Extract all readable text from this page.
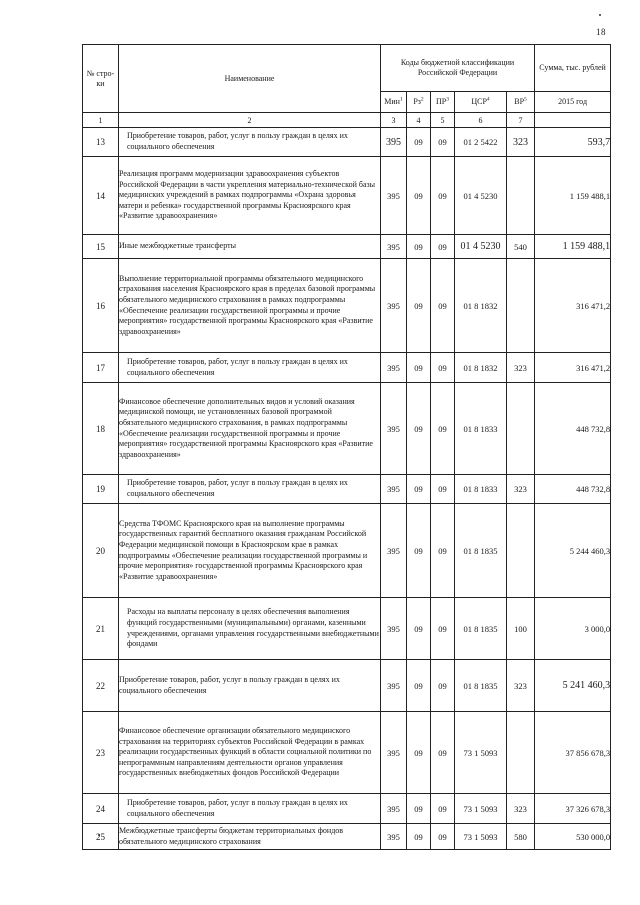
18
№ стро-ки	Наименование	Коды бюджетной классификации Российской Федерации					Сумма, тыс. рублей
		Мин$^1$	$Рз^2$	$ПР^3$	ЦСР$^4$	$ВР^5$	2015 год
1	2	3	4	5	6	7	
13	Приобретение товаров, работ, услуг в пользу граждан в целях их социального обеспечения	395	09	09	01 2 5422	323	593,7
14	Реализация программ модернизации здравоохранения субъектов Российской Федерации в части укрепления материально-технической базы медицинских учреждений в рамках подпрограммы «Охрана здоровья матери и ребенка» государственной программы Красноярского края «Развитие здравоохранения»	395	09	09	01 4 5230		1 159 488,1
15	Иные межбюджетные трансферты	395	09	09	01 4 5230	540	1 159 488,1
16	Выполнение территориальной программы обязательного медицинского страхования населения Красноярского края в пределах базовой программы обязательного медицинского страхования в рамках подпрограммы «Обеспечение реализации государственной программы и прочие мероприятия» государственной программы Красноярского края «Развитие здравоохранения»	395	09	09	01 8 1832		316 471,2
17	Приобретение товаров, работ, услуг в пользу граждан в целях их социального обеспечения	395	09	09	01 8 1832	323	316 471,2
18	Финансовое обеспечение дополнительных видов и условий оказания медицинской помощи, не установленных базовой программой обязательного медицинского страхования, в рамках подпрограммы «Обеспечение реализации государственной программы и прочие мероприятия» государственной программы Красноярского края «Развитие здравоохранения»	395	09	09	01 8 1833		448 732,8
19	Приобретение товаров, работ, услуг в пользу граждан в целях их социального обеспечения	395	09	09	01 8 1833	323	448 732,8
20	Средства ТФОМС Красноярского края на выполнение программы государственных гарантий бесплатного оказания гражданам Российской Федерации медицинской помощи в Красноярском крае в рамках подпрограммы «Обеспечение реализации государственной программы и прочие мероприятия» государственной программы Красноярского края «Развитие здравоохранения»	395	09	09	01 8 1835		5 244 460,3
21	Расходы на выплаты персоналу в целях обеспечения выполнения функций государственными (муниципальными) органами, казенными учреждениями, органами управления государственными внебюджетными фондами	395	09	09	01 8 1835	100	3 000,0
22	Приобретение товаров, работ, услуг в пользу граждан в целях их социального обеспечения	395	09	09	01 8 1835	323	5 241 460,3
23	Финансовое обеспечение организации обязательного медицинского страхования на территориях субъектов Российской Федерации в рамках реализации государственных функций в области социальной политики по непрограммным направлениям деятельности органов управления государственных внебюджетных фондов Российской Федерации	395	09	09	73 1 5093		37 856 678,3
24	Приобретение товаров, работ, услуг в пользу граждан в целях их социального обеспечения	395	09	09	73 1 5093	323	37 326 678,3
25	Межбюджетные трансферты бюджетам территориальных фондов обязательного медицинского страхования	395	09	09	73 1 5093	580	530 000,0
